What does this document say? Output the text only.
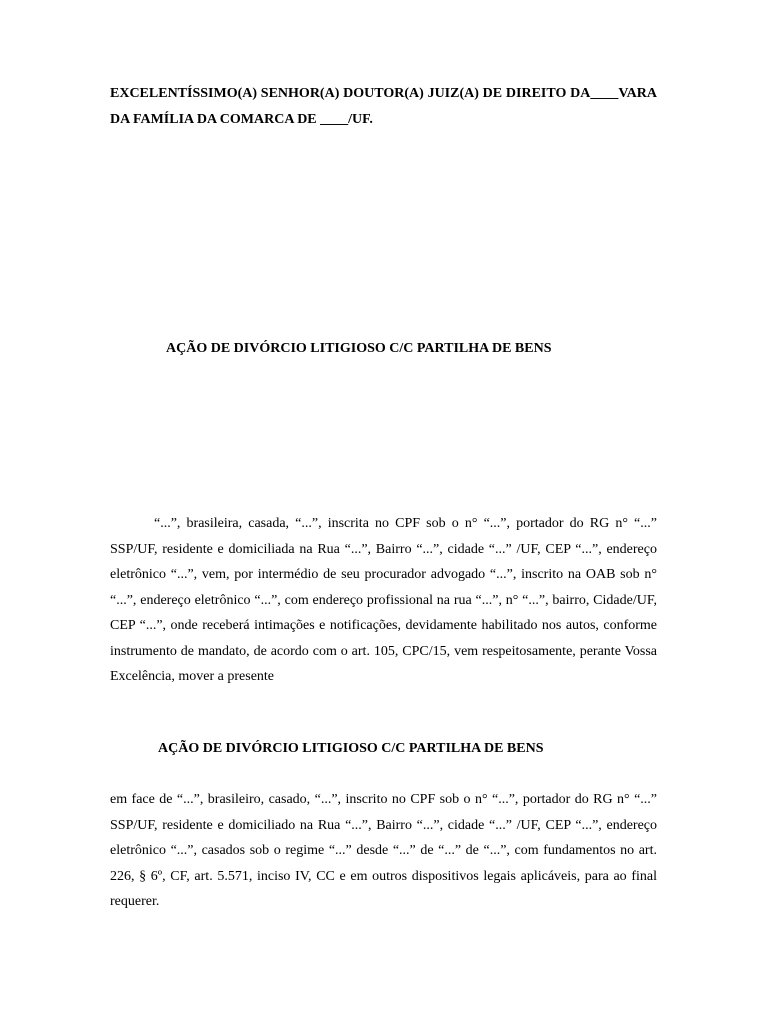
EXCELENTÍSSIMO(A) SENHOR(A) DOUTOR(A) JUIZ(A) DE DIREITO DA____VARA DA FAMÍLIA DA COMARCA DE ____/UF.

AÇÃO DE DIVÓRCIO LITIGIOSO C/C PARTILHA DE BENS

“...”, brasileira, casada, “...”, inscrita no CPF sob o n° “...”, portador do RG n° “...” SSP/UF, residente e domiciliada na Rua “...”, Bairro “...”, cidade “...” /UF, CEP “...”, endereço eletrônico “...”, vem, por intermédio de seu procurador advogado “...”, inscrito na OAB sob n° “...”, endereço eletrônico “...”, com endereço profissional na rua “...”, n° “...”, bairro, Cidade/UF, CEP “...”, onde receberá intimações e notificações, devidamente habilitado nos autos, conforme instrumento de mandato, de acordo com o art. 105, CPC/15, vem respeitosamente, perante Vossa Excelência, mover a presente

AÇÃO DE DIVÓRCIO LITIGIOSO C/C PARTILHA DE BENS

em face de “...”, brasileiro, casado, “...”, inscrito no CPF sob o n° “...”, portador do RG n° “...” SSP/UF, residente e domiciliado na Rua “...”, Bairro “...”, cidade “...” /UF, CEP “...”, endereço eletrônico “...”, casados sob o regime “...” desde “...” de “...” de “...”, com fundamentos no art. 226, § 6º, CF, art. 5.571, inciso IV, CC e em outros dispositivos legais aplicáveis, para ao final requerer.
